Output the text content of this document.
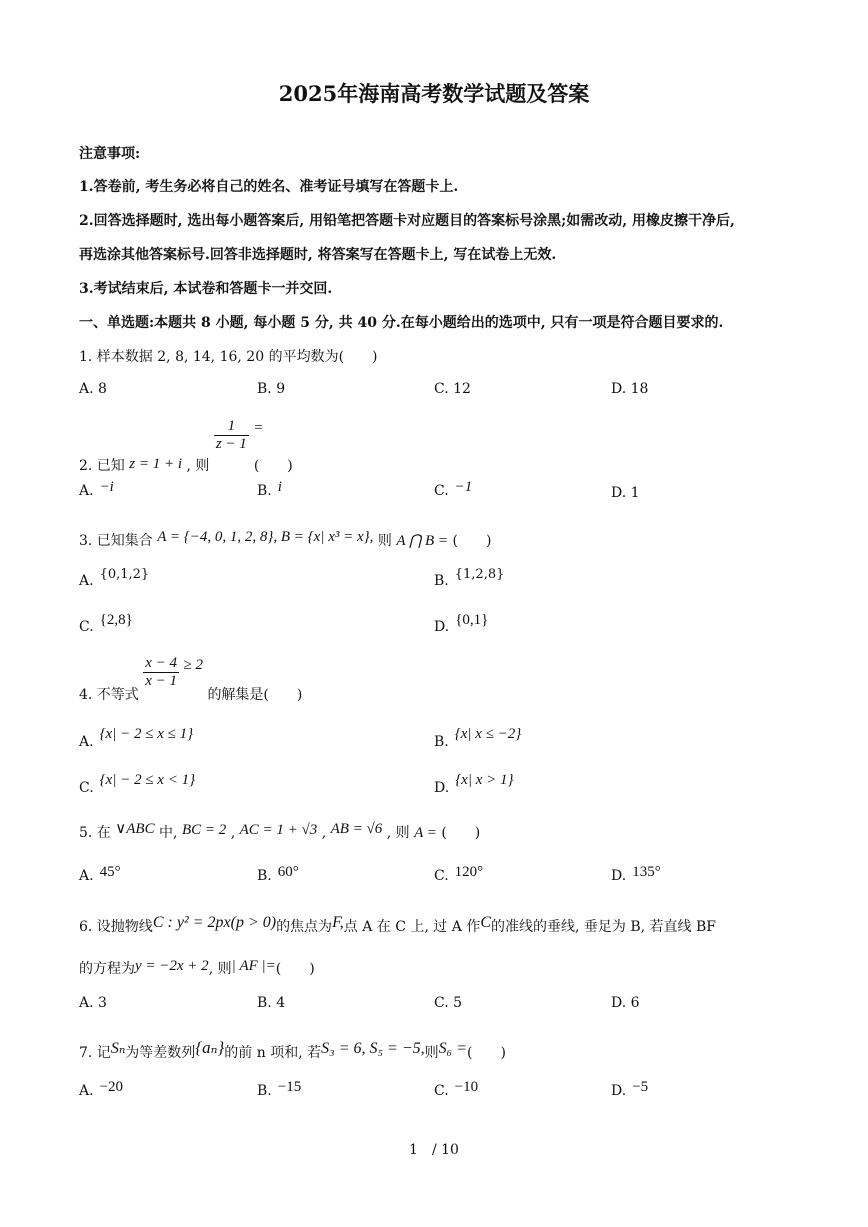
2025年海南高考数学试题及答案
注意事项:
1.答卷前, 考生务必将自己的姓名、准考证号填写在答题卡上.
2.回答选择题时, 选出每小题答案后, 用铅笔把答题卡对应题目的答案标号涂黑;如需改动, 用橡皮擦干净后,
再选涂其他答案标号.回答非选择题时, 将答案写在答题卡上, 写在试卷上无效.
3.考试结束后, 本试卷和答题卡一并交回.
一、单选题:本题共 8 小题, 每小题 5 分, 共 40 分.在每小题给出的选项中, 只有一项是符合题目要求的.
1. 样本数据 2, 8, 14, 16, 20 的平均数为(　　)
A. 8	B. 9	C. 12	D. 18
2. 已知 z = 1 + i , 则
$\frac{1}{z - 1}$ = (　　)
A. −i	B. i	C. −1	D. 1
3. 已知集合 A = {−4, 0, 1, 2, 8}, B = {x| x³ = x}, 则 A ⋂ B = (　　)
A. {0,1,2}	B. {1,2,8}
C. {2,8}	D. {0,1}
4. 不等式
$\frac{x - 4}{x - 1} \ge 2$ 的解集是(　　)
A. {x| − 2 ≤ x ≤ 1}	B. {x| x ≤ −2}
C. {x| − 2 ≤ x < 1}	D. {x| x > 1}
5. 在 ∨ABC 中, BC = 2 , AC = 1 + √3 , AB = √6 , 则 A = (　　)
A. 45°	B. 60°	C. 120°	D. 135°
6. 设抛物线C : y² = 2px(p > 0)的焦点为F,点 A 在 C 上, 过 A 作C的准线的垂线, 垂足为 B, 若直线 BF
的方程为y = −2x + 2, 则| AF |=(　　)
A. 3	B. 4	C. 5	D. 6
7. 记Sₙ为等差数列{aₙ}的前 n 项和, 若S₃ = 6, S₅ = −5,则S₆ =(　　)
A. −20	B. −15	C. −10	D. −5
1　/ 10
